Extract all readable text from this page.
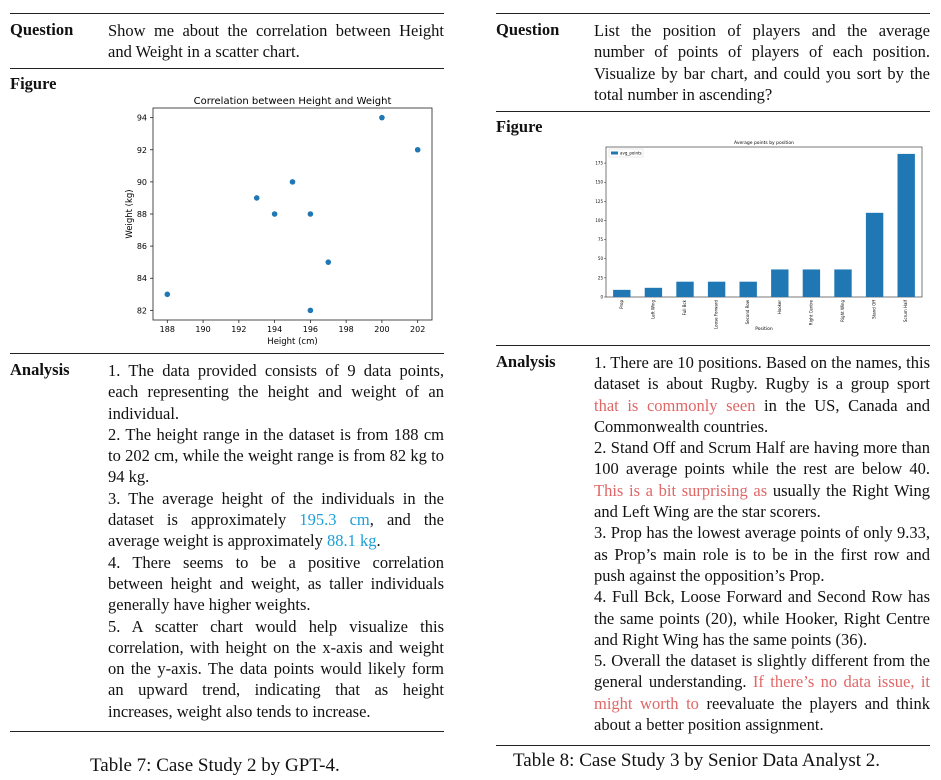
Question	Show me about the correlation between Height and Weight in a scatter chart.
Figure
Correlation between Height and Weight
188	190	192	194	196	198	200	202
82
84
86
88
90
92
94
Height (cm)
Weight (kg)
Analysis	1. The data provided consists of 9 data points, each representing the height and weight of an individual.

2. The height range in the dataset is from 188 cm to 202 cm, while the weight range is from 82 kg to 94 kg.

3. The average height of the individuals in the dataset is approximately 195.3 cm, and the average weight is approximately 88.1 kg.

4. There seems to be a positive correlation between height and weight, as taller individuals generally have higher weights.

5. A scatter chart would help visualize this correlation, with height on the x-axis and weight on the y-axis. The data points would likely form an upward trend, indicating that as height increases, weight also tends to increase.

Table 7: Case Study 2 by GPT-4.
Question	List the position of players and the average number of points of players of each position. Visualize by bar chart, and could you sort by the total number in ascending?
Figure
Average points by position
0
25
50
75
100
125
150
175
Prop	Left Wing	Full Bck	Loose Forward	Second Row	Hooker	Right Centre	Right Wing	Stand Off	Scrum Half
Position
avg_points
Analysis	1. There are 10 positions. Based on the names, this dataset is about Rugby. Rugby is a group sport that is commonly seen in the US, Canada and Commonwealth countries.

2. Stand Off and Scrum Half are having more than 100 average points while the rest are below 40. This is a bit surprising as usually the Right Wing and Left Wing are the star scorers.

3. Prop has the lowest average points of only 9.33, as Prop’s main role is to be in the first row and push against the opposition’s Prop.

4. Full Bck, Loose Forward and Second Row has the same points (20), while Hooker, Right Centre and Right Wing has the same points (36).

5. Overall the dataset is slightly different from the general understanding. If there’s no data issue, it might worth to reevaluate the players and think about a better position assignment.

Table 8: Case Study 3 by Senior Data Analyst 2.
